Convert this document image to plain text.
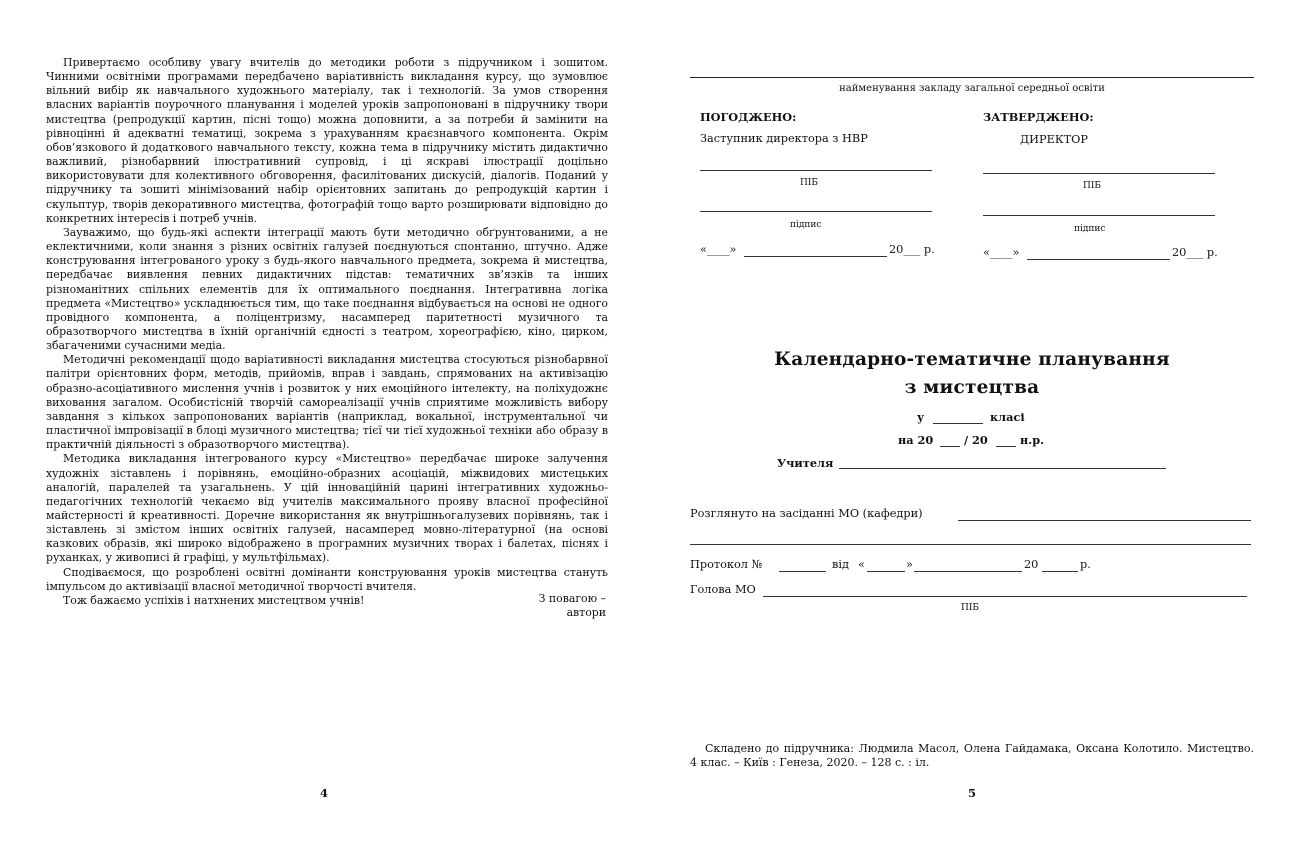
Привертаємо особливу увагу вчителів до методики роботи з підручником і зошитом. Чинними освітніми програмами передбачено варіативність викладання курсу, що зумовлює вільний вибір як навчального художнього матеріалу, так і технологій. За умов створення власних варіантів поурочного планування і моделей уроків запропоновані в підручнику твори мистецтва (репродукції картин, пісні тощо) можна доповнити, а за потреби й замінити на рівноцінні й адекватні тематиці, зокрема з урахуванням краєзнавчого компонента. Окрім обов’язкового й додаткового навчального тексту, кожна тема в підручнику містить дидактично важливий, різнобарвний ілюстративний супровід, і ці яскраві ілюстрації доцільно використовувати для колективного обговорення, фасилітованих дискусій, діалогів. Поданий у підручнику та зошиті мінімізований набір орієнтовних запитань до репродукцій картин і скульптур, творів декоративного мистецтва, фотографій тощо варто розширювати відповідно до конкретних інтересів і потреб учнів.

Зауважимо, що будь-які аспекти інтеграції мають бути методично обґрунтованими, а не еклектичними, коли знання з різних освітніх галузей поєднуються спонтанно, штучно. Адже конструювання інтегрованого уроку з будь-якого навчального предмета, зокрема й мистецтва, передбачає виявлення певних дидактичних підстав: тематичних зв’язків та інших різноманітних спільних елементів для їх оптимального поєднання. Інтегративна логіка предмета «Мистецтво» ускладнюється тим, що таке поєднання відбувається на основі не одного провідного компонента, а поліцентризму, насамперед паритетності музичного та образотворчого мистецтва в їхній органічній єдності з театром, хореографією, кіно, цирком, збагаченими сучасними медіа.

Методичні рекомендації щодо варіативності викладання мистецтва стосуються різнобарвної палітри орієнтовних форм, методів, прийомів, вправ і завдань, спрямованих на активізацію образно-асоціативного мислення учнів і розвиток у них емоційного інтелекту, на полiхудожнє виховання загалом. Особистісній творчій самореалізації учнів сприятиме можливість вибору завдання з кількох запропонованих варіантів (наприклад, вокальної, інструментальної чи пластичної імпровізації в блоці музичного мистецтва; тієї чи тієї художньої техніки або образу в практичній діяльності з образотворчого мистецтва).

Методика викладання інтегрованого курсу «Мистецтво» передбачає широке залучення художніх зіставлень і порівнянь, емоційно-образних асоціацій, міжвидових мистецьких аналогій, паралелей та узагальнень. У цій інноваційній царині інтегративних художньо-педагогічних технологій чекаємо від учителів максимального прояву власної професійної майстерності й креативності. Доречне використання як внутрішньогалузевих порівнянь, так і зіставлень зі змістом інших освітніх галузей, насамперед мовно-літературної (на основі казкових образів, які широко відображено в програмних музичних творах і балетах, піснях і руханках, у живописі й графіці, у мультфільмах).

Сподіваємося, що розроблені освітні домінанти конструювання уроків мистецтва стануть імпульсом до активізації власної методичної творчості вчителя.

Тож бажаємо успіхів і натхнених мистецтвом учнів!	З повагою –
автори
4
найменування закладу загальної середньої освіти
ПОГОДЖЕНО:
Заступник директора з НВР
ПІБ
підпис
«____»	20___ р.
ЗАТВЕРДЖЕНО:
ДИРЕКТОР
ПІБ
підпис
«____»	20___ р.
Календарно-тематичне планування
з мистецтва
у	класі
на 20	/ 20	н.р.
Учителя
Розглянуто на засіданні МО (кафедри)
Протокол №	від «	»	20	р.
Голова МО
ПІБ
Складено до підручника: Людмила Масол, Олена Гайдамака, Оксана Колотило. Мистецтво. 4 клас. – Київ : Генеза, 2020. – 128 с. : іл.
5
